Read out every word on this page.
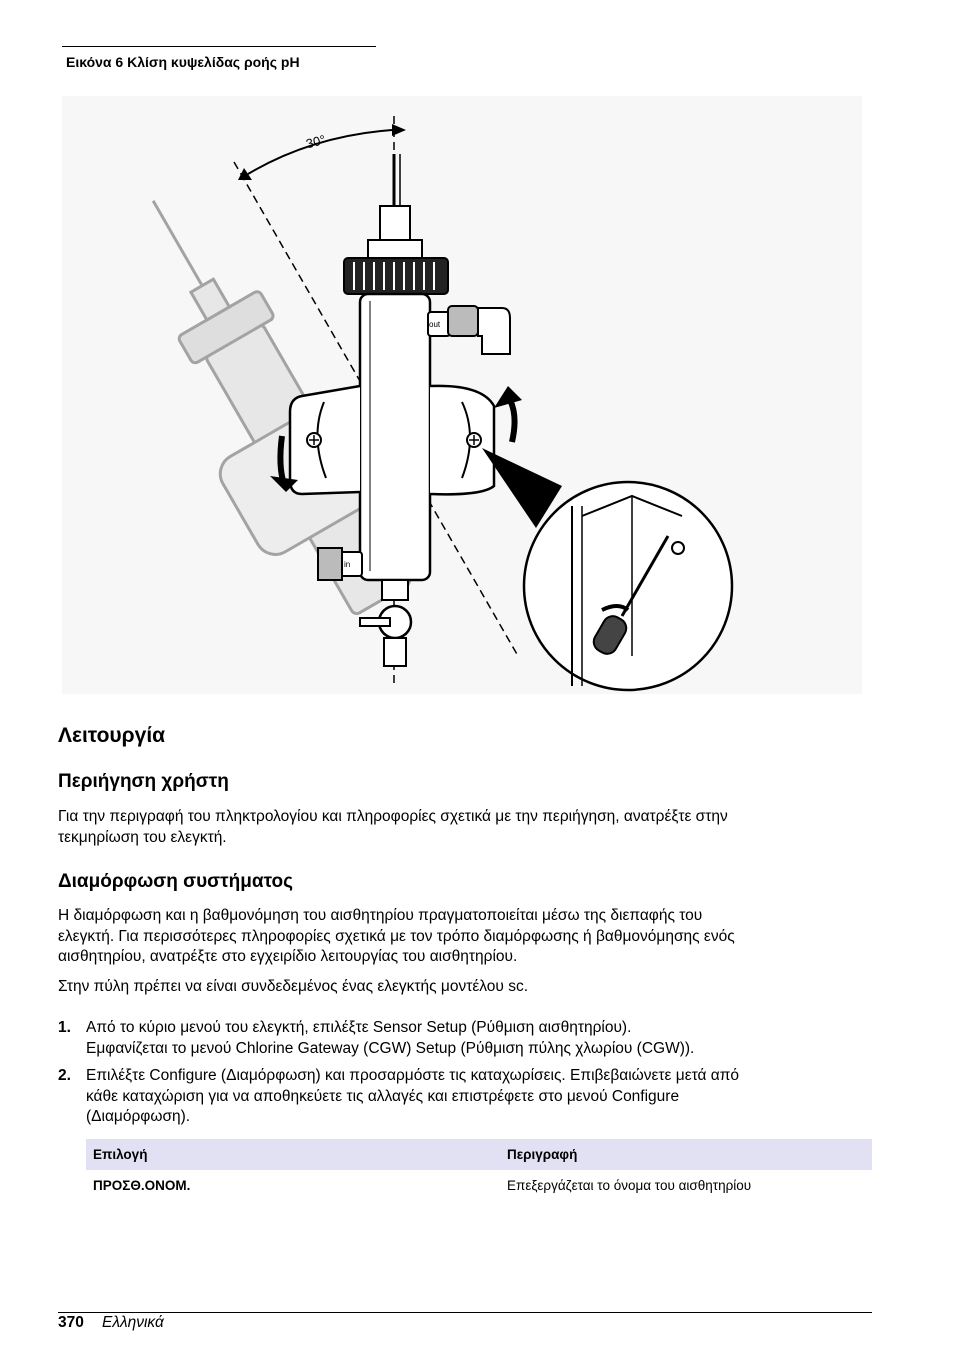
Εικόνα 6 Κλίση κυψελίδας ροής pH
30°
out
in
Λειτουργία
Περιήγηση χρήστη
Για την περιγραφή του πληκτρολογίου και πληροφορίες σχετικά με την περιήγηση, ανατρέξτε στην
τεκμηρίωση του ελεγκτή.
Διαμόρφωση συστήματος
Η διαμόρφωση και η βαθμονόμηση του αισθητηρίου πραγματοποιείται μέσω της διεπαφής του
ελεγκτή. Για περισσότερες πληροφορίες σχετικά με τον τρόπο διαμόρφωσης ή βαθμονόμησης ενός
αισθητηρίου, ανατρέξτε στο εγχειρίδιο λειτουργίας του αισθητηρίου.
Στην πύλη πρέπει να είναι συνδεδεμένος ένας ελεγκτής μοντέλου sc.
1. Από το κύριο μενού του ελεγκτή, επιλέξτε Sensor Setup (Ρύθμιση αισθητηρίου).
Εμφανίζεται το μενού Chlorine Gateway (CGW) Setup (Ρύθμιση πύλης χλωρίου (CGW)).
2. Επιλέξτε Configure (Διαμόρφωση) και προσαρμόστε τις καταχωρίσεις. Επιβεβαιώνετε μετά από
κάθε καταχώριση για να αποθηκεύετε τις αλλαγές και επιστρέφετε στο μενού Configure
(Διαμόρφωση).
Επιλογή	Περιγραφή
ΠΡΟΣΘ.ΟΝΟΜ.	Επεξεργάζεται το όνομα του αισθητηρίου
370 Ελληνικά
